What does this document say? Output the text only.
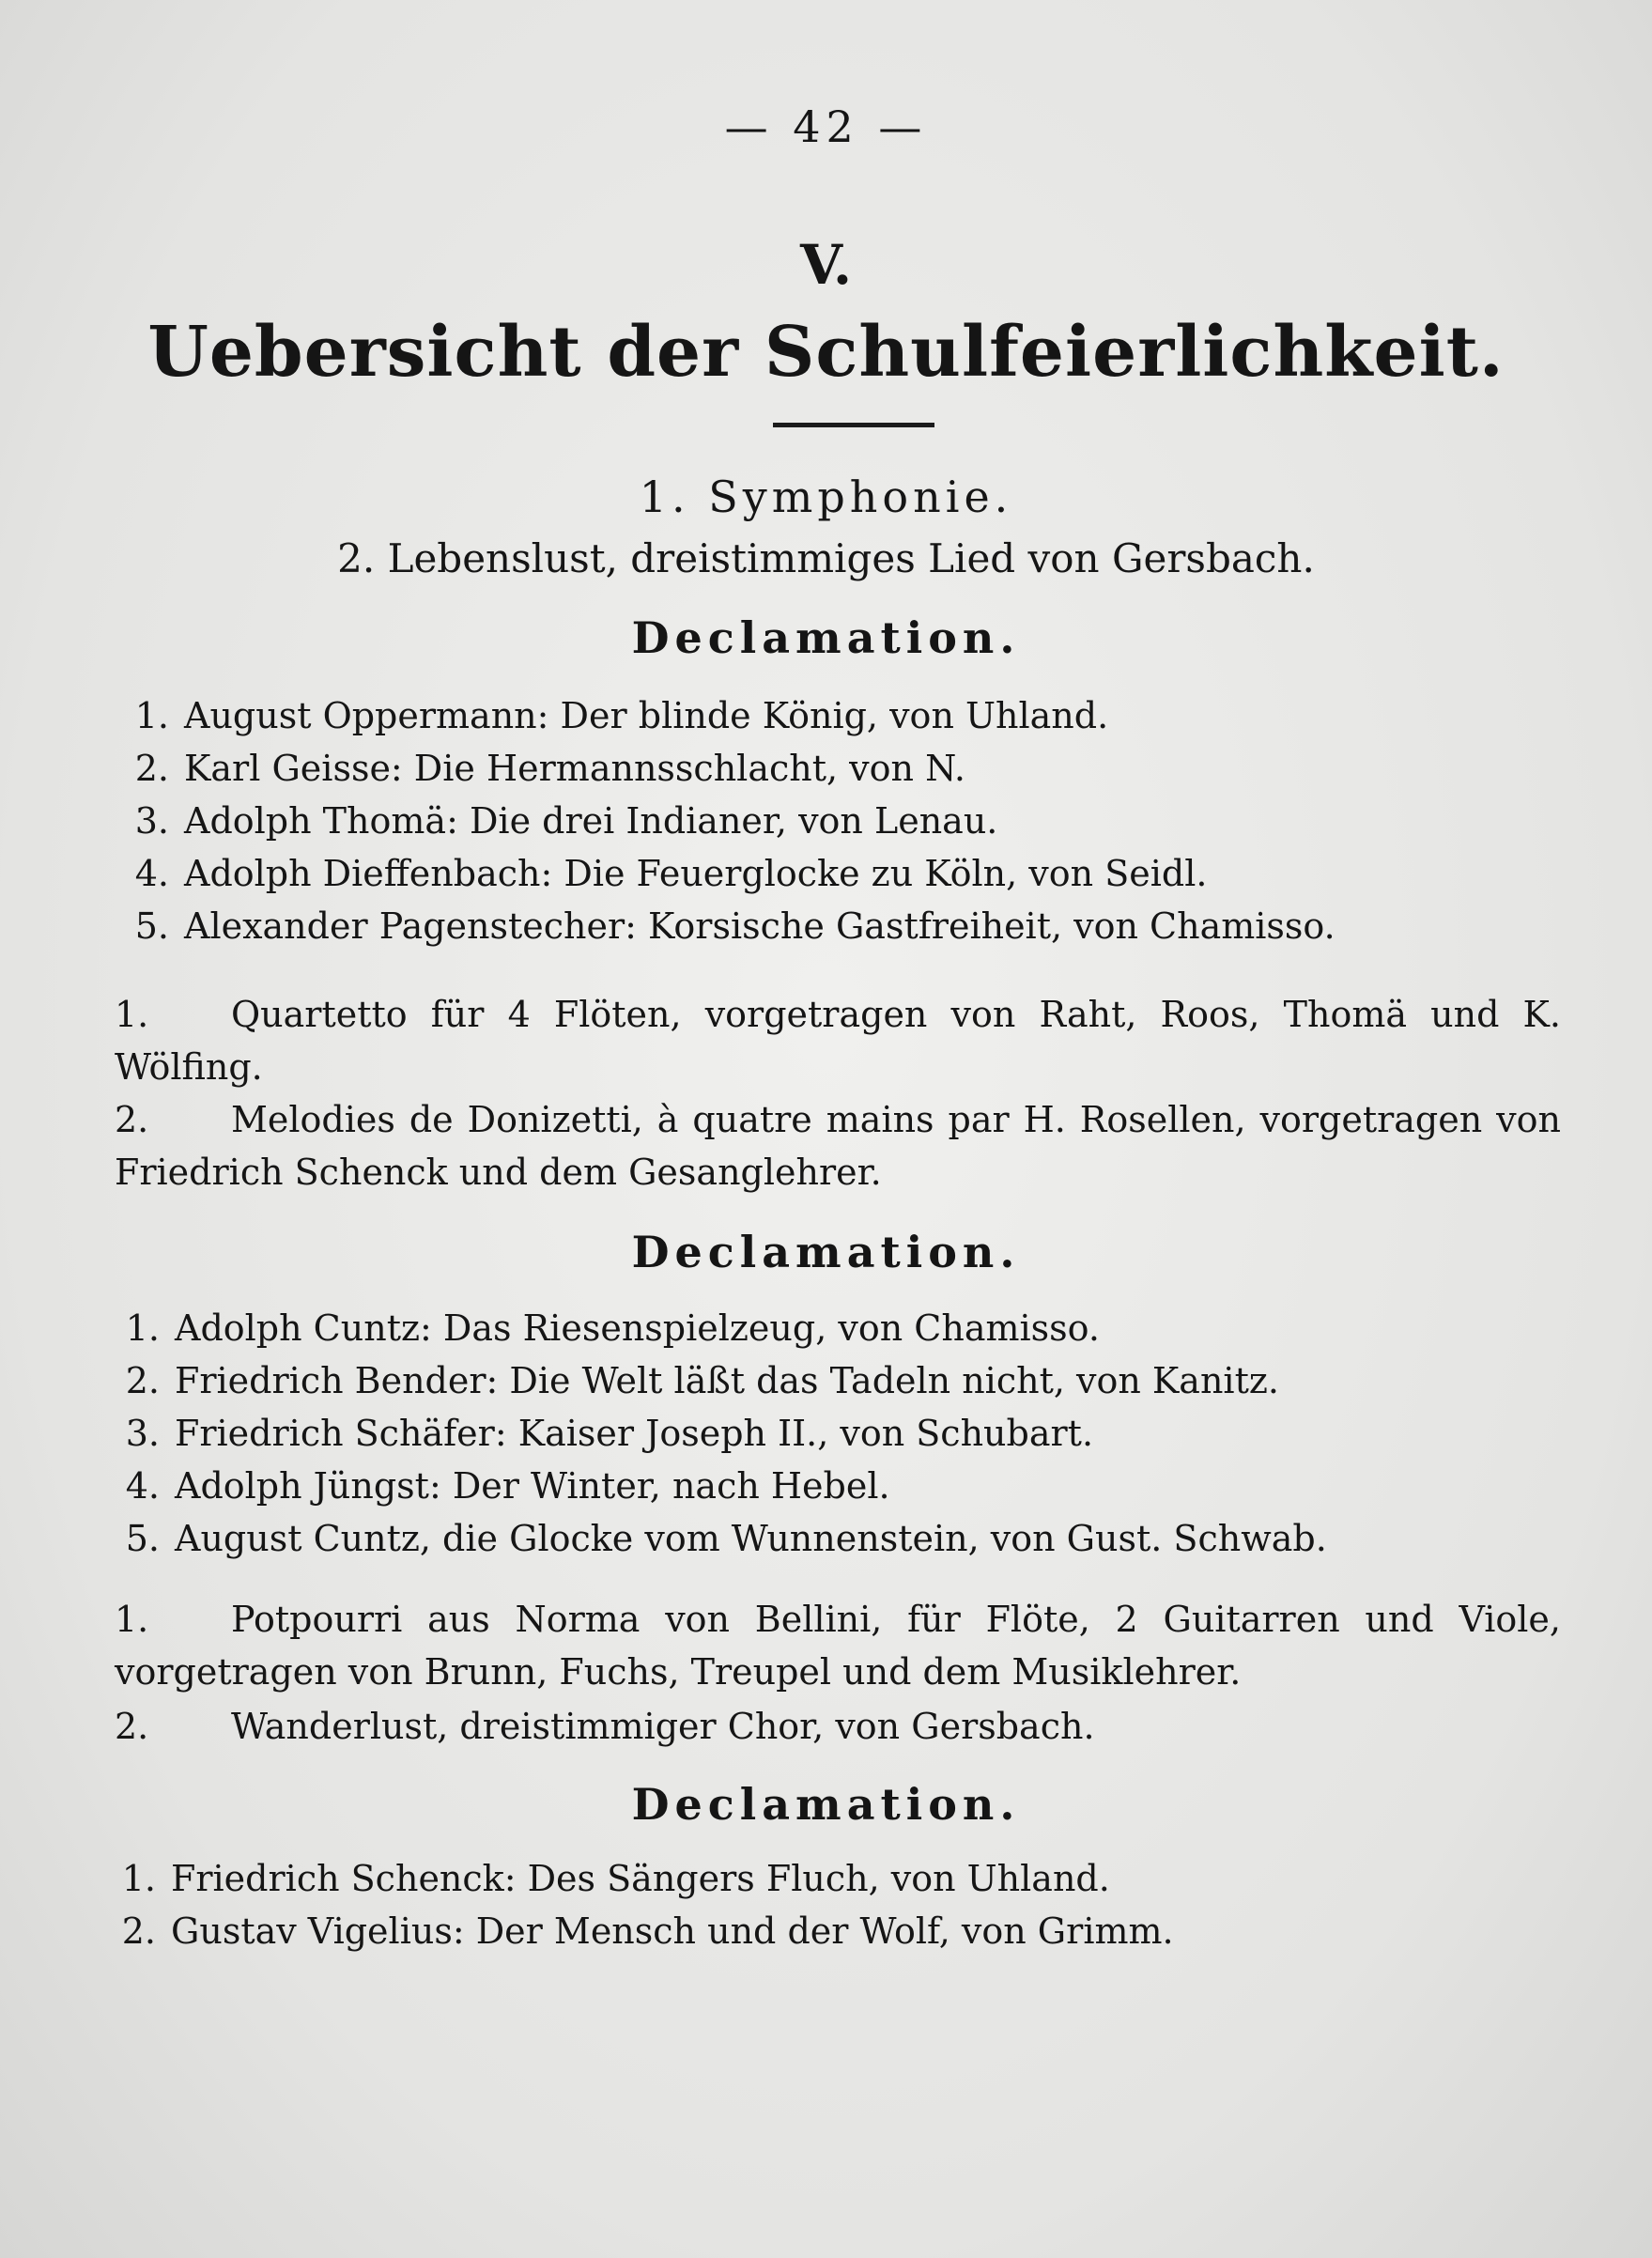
— 42 —
V.
Uebersicht der Schulfeierlichkeit.
1. Symphonie.
2. Lebenslust, dreistimmiges Lied von Gersbach.
Declamation.
1. August Oppermann: Der blinde König, von Uhland.
2. Karl Geisse: Die Hermannsschlacht, von N.
3. Adolph Thomä: Die drei Indianer, von Lenau.
4. Adolph Dieffenbach: Die Feuerglocke zu Köln, von Seidl.
5. Alexander Pagenstecher: Korsische Gastfreiheit, von Chamisso.
1. Quartetto für 4 Flöten, vorgetragen von Raht, Roos, Thomä und K. Wölfing.
2. Melodies de Donizetti, à quatre mains par H. Rosellen, vorgetragen von Friedrich Schenck und dem Gesanglehrer.
Declamation.
1. Adolph Cuntz: Das Riesenspielzeug, von Chamisso.
2. Friedrich Bender: Die Welt läßt das Tadeln nicht, von Kanitz.
3. Friedrich Schäfer: Kaiser Joseph II., von Schubart.
4. Adolph Jüngst: Der Winter, nach Hebel.
5. August Cuntz, die Glocke vom Wunnenstein, von Gust. Schwab.
1. Potpourri aus Norma von Bellini, für Flöte, 2 Guitarren und Viole, vorgetragen von Brunn, Fuchs, Treupel und dem Musiklehrer.
2. Wanderlust, dreistimmiger Chor, von Gersbach.
Declamation.
1. Friedrich Schenck: Des Sängers Fluch, von Uhland.
2. Gustav Vigelius: Der Mensch und der Wolf, von Grimm.
